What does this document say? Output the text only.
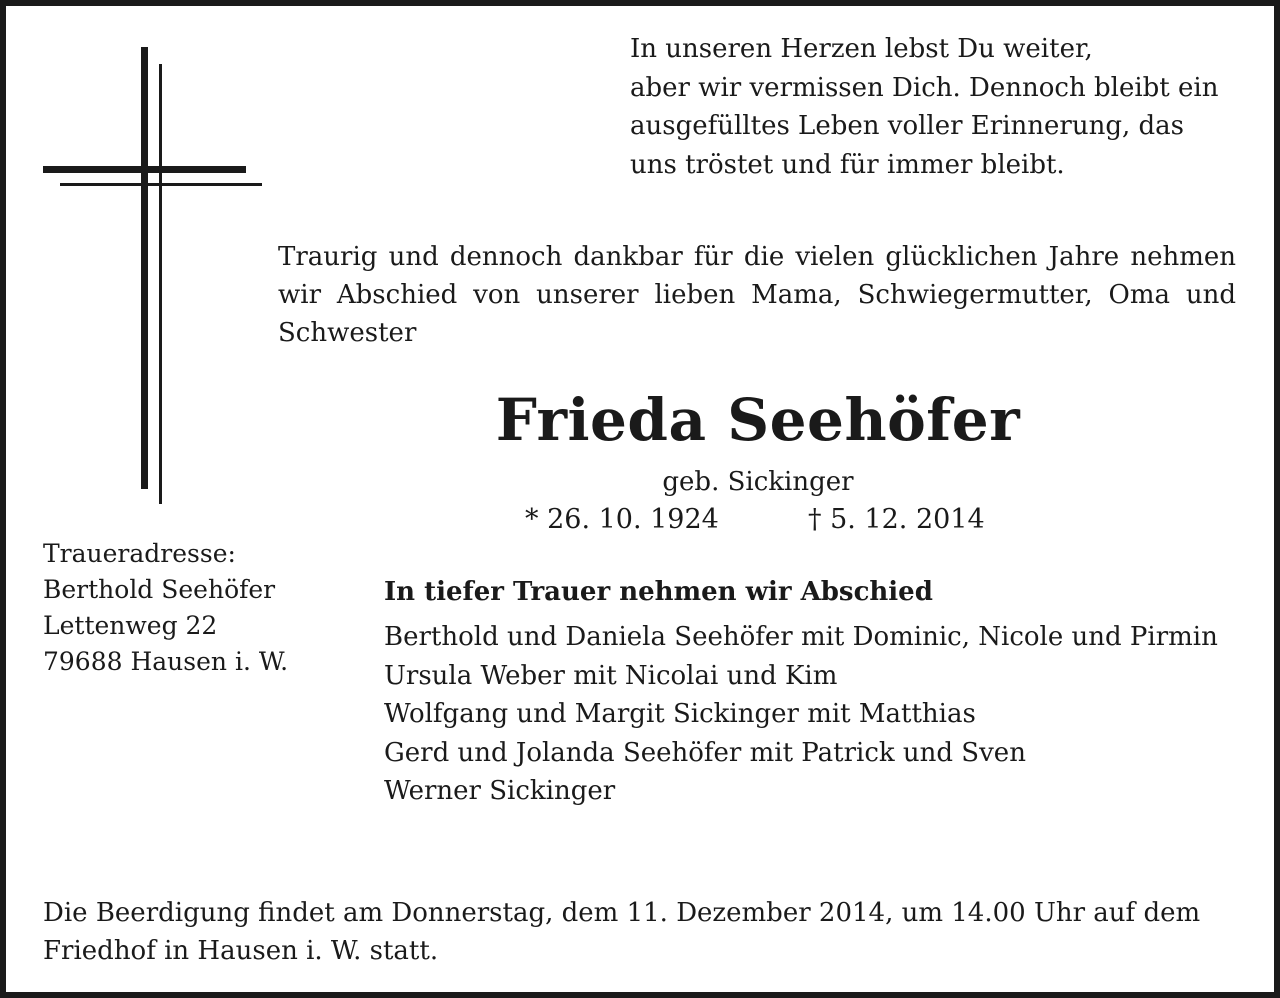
In unseren Herzen lebst Du weiter,
aber wir vermissen Dich. Dennoch bleibt ein
ausgefülltes Leben voller Erinnerung, das
uns tröstet und für immer bleibt.
Traurig und dennoch dankbar für die vielen glücklichen Jahre nehmen wir Abschied von unserer lieben Mama, Schwiegermutter, Oma und Schwester
Frieda Seehöfer
geb. Sickinger
* 26. 10. 1924	† 5. 12. 2014
Traueradresse:
Berthold Seehöfer
Lettenweg 22
79688 Hausen i. W.
In tiefer Trauer nehmen wir Abschied
Berthold und Daniela Seehöfer mit Dominic, Nicole und Pirmin
Ursula Weber mit Nicolai und Kim
Wolfgang und Margit Sickinger mit Matthias
Gerd und Jolanda Seehöfer mit Patrick und Sven
Werner Sickinger
Die Beerdigung findet am Donnerstag, dem 11. Dezember 2014, um 14.00 Uhr auf dem Friedhof in Hausen i. W. statt.
